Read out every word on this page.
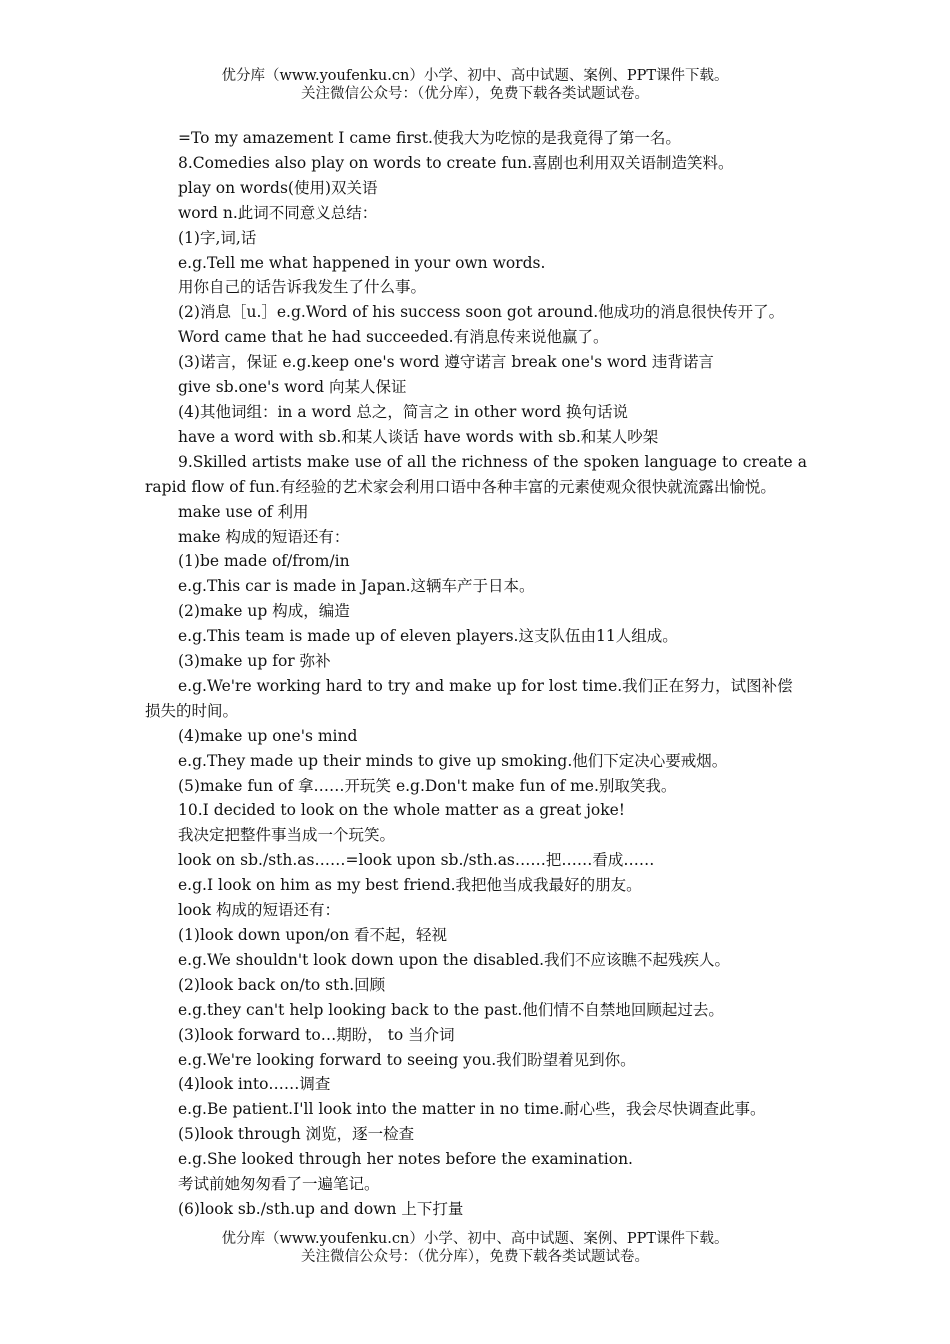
优分库（www.youfenku.cn）小学、初中、高中试题、案例、PPT课件下载。
关注微信公众号：（优分库），免费下载各类试题试卷。
=To my amazement I came first.使我大为吃惊的是我竟得了第一名。
8.Comedies also play on words to create fun.喜剧也利用双关语制造笑料。
play on words(使用)双关语
word n.此词不同意义总结：
(1)字,词,话
e.g.Tell me what happened in your own words.
用你自己的话告诉我发生了什么事。
(2)消息［u.］e.g.Word of his success soon got around.他成功的消息很快传开了。
Word came that he had succeeded.有消息传来说他赢了。
(3)诺言，保证 e.g.keep one's word 遵守诺言 break one's word 违背诺言
give sb.one's word 向某人保证
(4)其他词组：in a word 总之，简言之 in other word 换句话说
have a word with sb.和某人谈话 have words with sb.和某人吵架
9.Skilled artists make use of all the richness of the spoken language to create a rapid flow of fun.有经验的艺术家会利用口语中各种丰富的元素使观众很快就流露出愉悦。
make use of 利用
make 构成的短语还有：
(1)be made of/from/in
e.g.This car is made in Japan.这辆车产于日本。
(2)make up 构成，编造
e.g.This team is made up of eleven players.这支队伍由11人组成。
(3)make up for 弥补
e.g.We're working hard to try and make up for lost time.我们正在努力，试图补偿损失的时间。
(4)make up one's mind
e.g.They made up their minds to give up smoking.他们下定决心要戒烟。
(5)make fun of 拿……开玩笑 e.g.Don't make fun of me.别取笑我。
10.I decided to look on the whole matter as a great joke!
我决定把整件事当成一个玩笑。
look on sb./sth.as……=look upon sb./sth.as……把……看成……
e.g.I look on him as my best friend.我把他当成我最好的朋友。
look 构成的短语还有：
(1)look down upon/on 看不起，轻视
e.g.We shouldn't look down upon the disabled.我们不应该瞧不起残疾人。
(2)look back on/to sth.回顾
e.g.they can't help looking back to the past.他们情不自禁地回顾起过去。
(3)look forward to…期盼， to 当介词
e.g.We're looking forward to seeing you.我们盼望着见到你。
(4)look into……调查
e.g.Be patient.I'll look into the matter in no time.耐心些，我会尽快调查此事。
(5)look through 浏览，逐一检查
e.g.She looked through her notes before the examination.
考试前她匆匆看了一遍笔记。
(6)look sb./sth.up and down 上下打量
优分库（www.youfenku.cn）小学、初中、高中试题、案例、PPT课件下载。
关注微信公众号：（优分库），免费下载各类试题试卷。
